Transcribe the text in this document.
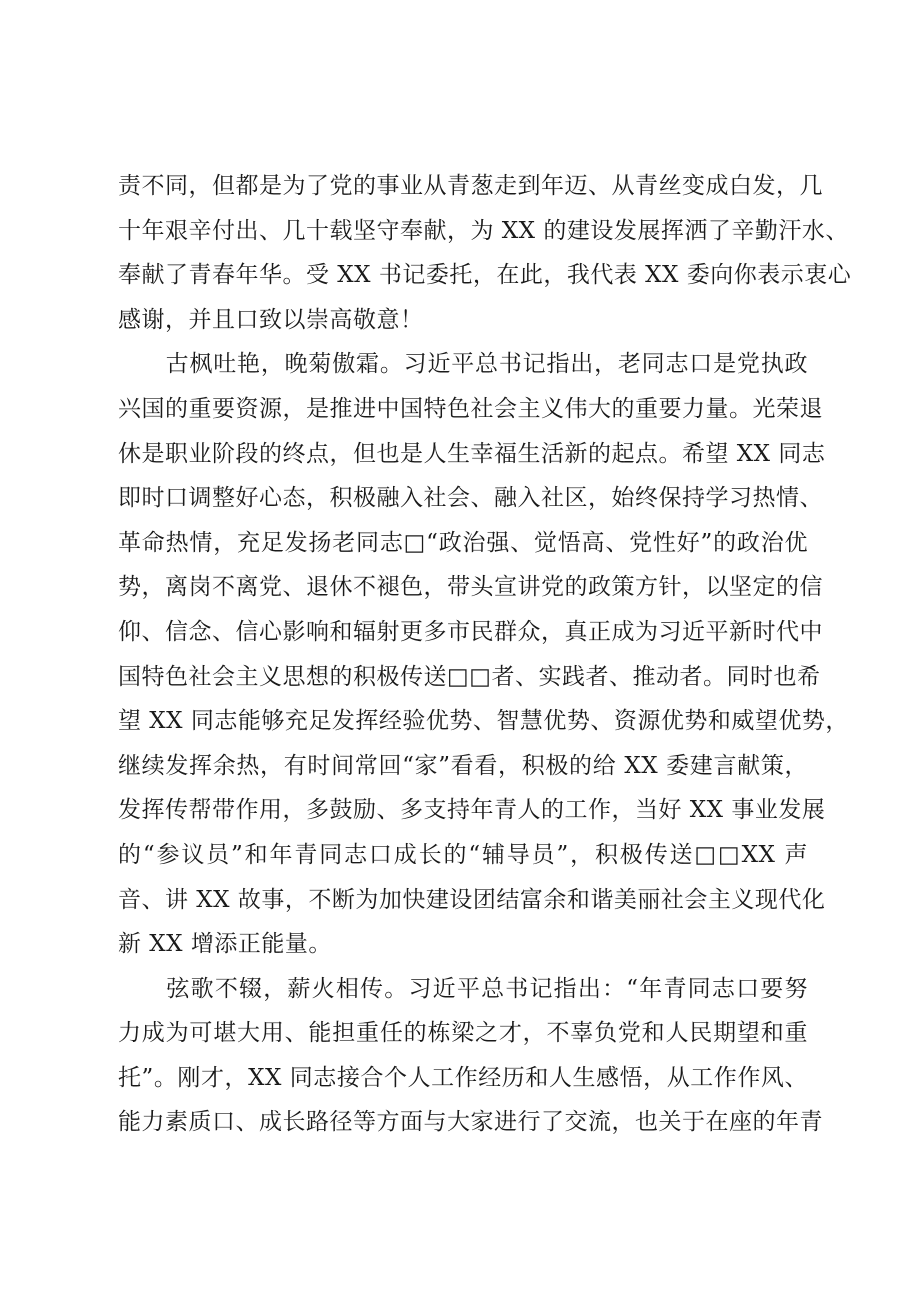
责不同，但都是为了党的事业从青葱走到年迈、从青丝变成白发，几
十年艰辛付出、几十载坚守奉献，为 XX 的建设发展挥洒了辛勤汗水、
奉献了青春年华。受 XX 书记委托，在此，我代表 XX 委向你表示衷心
感谢，并且口致以崇高敬意！

　　古枫吐艳，晚菊傲霜。习近平总书记指出，老同志口是党执政
兴国的重要资源，是推进中国特色社会主义伟大的重要力量。光荣退
休是职业阶段的终点，但也是人生幸福生活新的起点。希望 XX 同志
即时口调整好心态，积极融入社会、融入社区，始终保持学习热情、
革命热情，充足发扬老同志□“政治强、觉悟高、党性好”的政治优
势，离岗不离党、退休不褪色，带头宣讲党的政策方针，以坚定的信
仰、信念、信心影响和辐射更多市民群众，真正成为习近平新时代中
国特色社会主义思想的积极传送□□者、实践者、推动者。同时也希
望 XX 同志能够充足发挥经验优势、智慧优势、资源优势和威望优势，
继续发挥余热，有时间常回“家”看看，积极的给 XX 委建言献策，
发挥传帮带作用，多鼓励、多支持年青人的工作，当好 XX 事业发展
的“参议员”和年青同志口成长的“辅导员”，积极传送□□XX 声
音、讲 XX 故事，不断为加快建设团结富余和谐美丽社会主义现代化
新 XX 增添正能量。

　　弦歌不辍，薪火相传。习近平总书记指出：“年青同志口要努
力成为可堪大用、能担重任的栋梁之才，不辜负党和人民期望和重
托”。刚才，XX 同志接合个人工作经历和人生感悟，从工作作风、
能力素质口、成长路径等方面与大家进行了交流，也关于在座的年青
